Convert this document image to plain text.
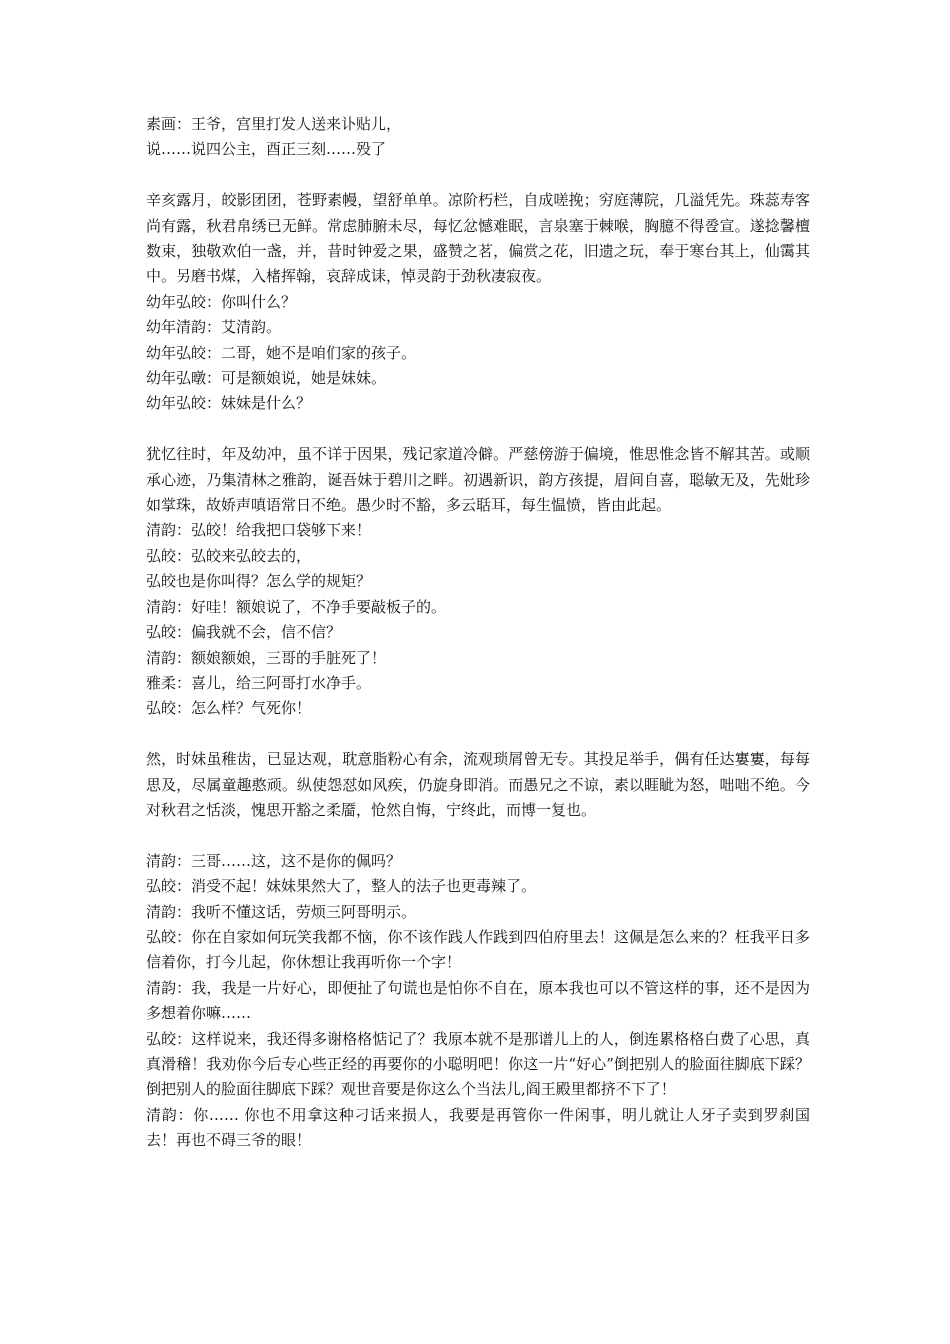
素画：王爷，宫里打发人送来讣贴儿，
说……说四公主，酉正三刻……殁了
辛亥露月，皎影团团，苍野素幔，望舒单单。凉阶朽栏，自成嗟挽；穷庭薄院，几溢凭先。珠蕊寿客尚有露，秋君帛绣已无鲜。常虑肺腑未尽，每忆忿憾难眠，言泉塞于棘喉，胸臆不得卺宣。遂捻馨檀数束，独敬欢伯一盏，并，昔时钟爱之果，盛赞之茗，偏赏之花，旧遗之玩，奉于寒台其上，仙霭其中。另磨书煤，入楮挥翰，哀辞成诔，悼灵韵于劲秋凄寂夜。
幼年弘皎：你叫什么？
幼年清韵：艾清韵。
幼年弘皎：二哥，她不是咱们家的孩子。
幼年弘暾：可是额娘说，她是妹妹。
幼年弘皎：妹妹是什么？
犹忆往时，年及幼冲，虽不详于因果，残记家道冷僻。严慈傍游于偏境，惟思惟念皆不解其苦。或顺承心迹，乃集清林之雅韵，诞吾妹于碧川之畔。初遇新识，韵方孩提，眉间自喜，聪敏无及，先妣珍如掌珠，故娇声嗔语常日不绝。愚少时不豁，多云聒耳，每生愠愤，皆由此起。
清韵：弘皎！给我把口袋够下来！
弘皎：弘皎来弘皎去的，
弘皎也是你叫得？怎么学的规矩？
清韵：好哇！额娘说了，不净手要敲板子的。
弘皎：偏我就不会，信不信？
清韵：额娘额娘，三哥的手脏死了！
雅柔：喜儿，给三阿哥打水净手。
弘皎：怎么样？气死你！
然，时妹虽稚齿，已显达观，耽意脂粉心有余，流观琐屑曾无专。其投足举手，偶有任达寠寠，每每思及，尽属童趣憨顽。纵使怨怼如风疾，仍旋身即消。而愚兄之不谅，素以睚眦为怒，咄咄不绝。今对秋君之恬淡，愧思开豁之柔靥，怆然自悔，宁终此，而博一复也。
清韵：三哥……这，这不是你的佩吗？
弘皎：消受不起！妹妹果然大了，整人的法子也更毒辣了。
清韵：我听不懂这话，劳烦三阿哥明示。
弘皎：你在自家如何玩笑我都不恼，你不该作践人作践到四伯府里去！这佩是怎么来的？枉我平日多信着你，打今儿起，你休想让我再听你一个字！
清韵：我，我是一片好心，即便扯了句谎也是怕你不自在，原本我也可以不管这样的事，还不是因为多想着你嘛……
弘皎：这样说来，我还得多谢格格惦记了？我原本就不是那谱儿上的人，倒连累格格白费了心思，真真滑稽！我劝你今后专心些正经的再要你的小聪明吧！你这一片“好心”倒把别人的脸面往脚底下踩？倒把别人的脸面往脚底下踩？观世音要是你这么个当法儿,阎王殿里都挤不下了！
清韵：你…… 你也不用拿这种刁话来损人，我要是再管你一件闲事，明儿就让人牙子卖到罗刹国去！再也不碍三爷的眼！
